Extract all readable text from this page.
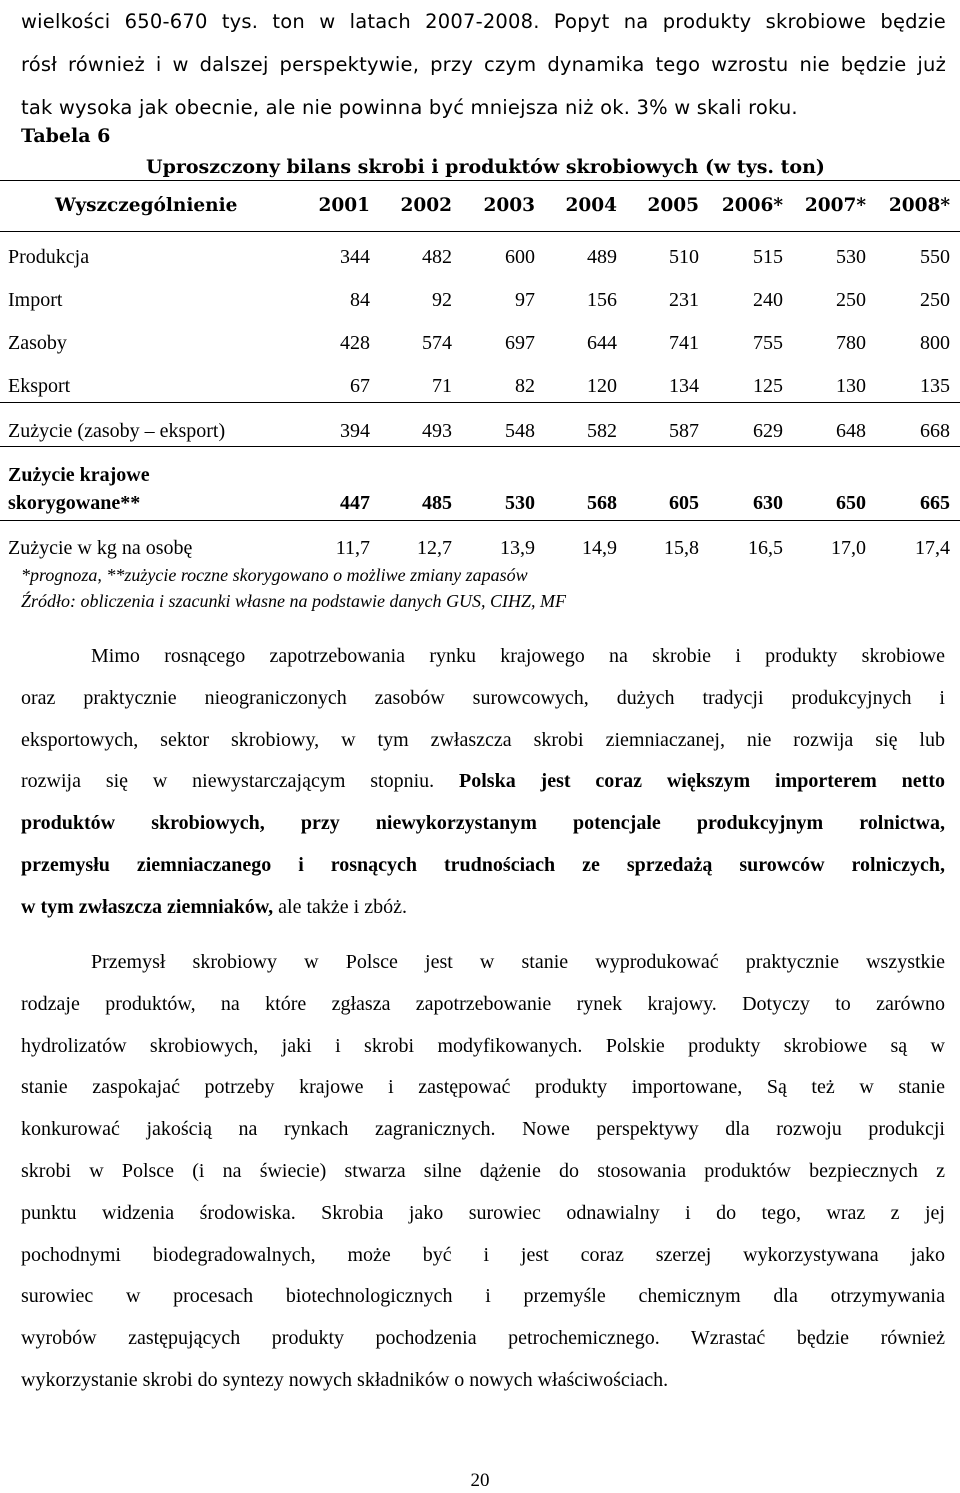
wielkości 650-670 tys. ton w latach 2007-2008. Popyt na produkty skrobiowe będzie
rósł również i w dalszej perspektywie, przy czym dynamika tego wzrostu nie będzie już
tak wysoka jak obecnie, ale nie powinna być mniejsza niż ok. 3% w skali roku.
Tabela 6
Uproszczony bilans skrobi i produktów skrobiowych (w tys. ton)
Wyszczególnienie	2001	2002	2003	2004	2005	2006*	2007*	2008*
Produkcja	344	482	600	489	510	515	530	550
Import	84	92	97	156	231	240	250	250
Zasoby	428	574	697	644	741	755	780	800
Eksport	67	71	82	120	134	125	130	135
Zużycie (zasoby – eksport)	394	493	548	582	587	629	648	668
Zużycie krajowe
skorygowane**	447	485	530	568	605	630	650	665
Zużycie w kg na osobę	11,7	12,7	13,9	14,9	15,8	16,5	17,0	17,4
*prognoza, **zużycie roczne skorygowano o możliwe zmiany zapasów
Źródło: obliczenia i szacunki własne na podstawie danych GUS, CIHZ, MF
Mimo rosnącego zapotrzebowania rynku krajowego na skrobie i produkty skrobiowe
oraz praktycznie nieograniczonych zasobów surowcowych, dużych tradycji produkcyjnych i
eksportowych, sektor skrobiowy, w tym zwłaszcza skrobi ziemniaczanej, nie rozwija się lub
rozwija się w niewystarczającym stopniu. Polska jest coraz większym importerem netto
produktów skrobiowych, przy niewykorzystanym potencjale produkcyjnym rolnictwa,
przemysłu ziemniaczanego i rosnących trudnościach ze sprzedażą surowców rolniczych,
w tym zwłaszcza ziemniaków, ale także i zbóż.
Przemysł skrobiowy w Polsce jest w stanie wyprodukować praktycznie wszystkie
rodzaje produktów, na które zgłasza zapotrzebowanie rynek krajowy. Dotyczy to zarówno
hydrolizatów skrobiowych, jaki i skrobi modyfikowanych. Polskie produkty skrobiowe są w
stanie zaspokajać potrzeby krajowe i zastępować produkty importowane, Są też w stanie
konkurować jakością na rynkach zagranicznych. Nowe perspektywy dla rozwoju produkcji
skrobi w Polsce (i na świecie) stwarza silne dążenie do stosowania produktów bezpiecznych z
punktu widzenia środowiska. Skrobia jako surowiec odnawialny i do tego, wraz z jej
pochodnymi biodegradowalnych, może być i jest coraz szerzej wykorzystywana jako
surowiec w procesach biotechnologicznych i przemyśle chemicznym dla otrzymywania
wyrobów zastępujących produkty pochodzenia petrochemicznego. Wzrastać będzie również
wykorzystanie skrobi do syntezy nowych składników o nowych właściwościach.
20
